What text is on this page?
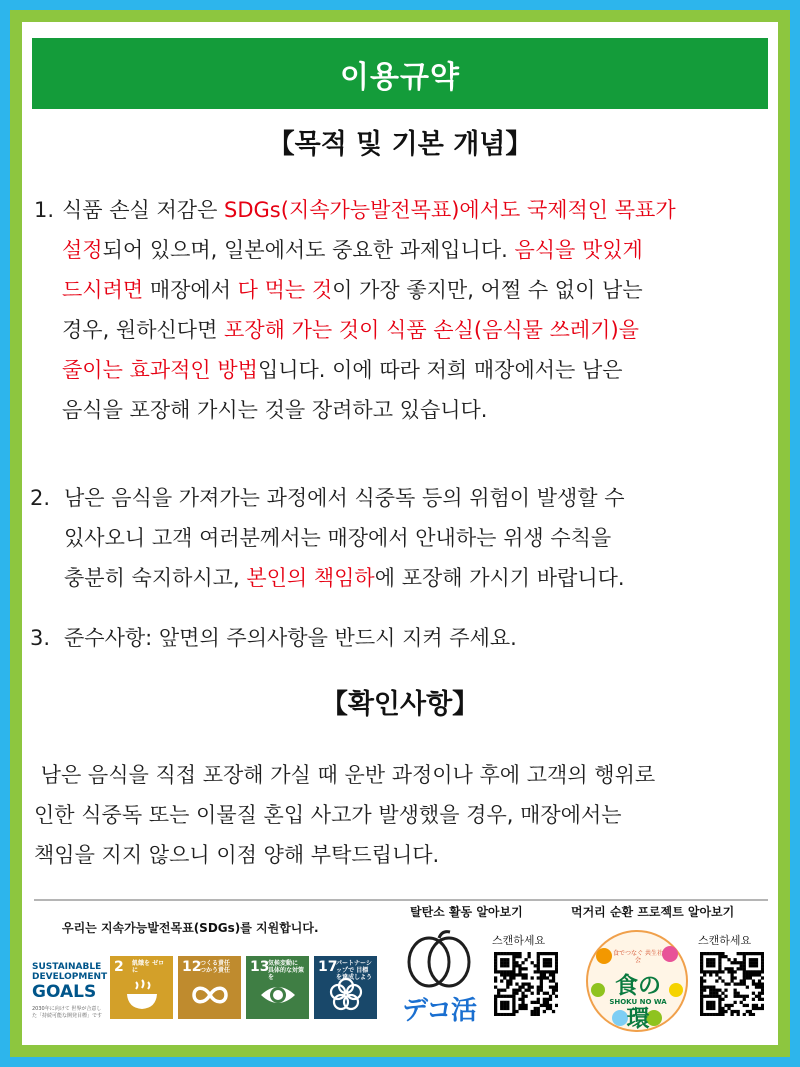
이용규약
【목적 및 기본 개념】
1. 식품 손실 저감은 SDGs(지속가능발전목표)에서도 국제적인 목표가
설정되어 있으며, 일본에서도 중요한 과제입니다. 음식을 맛있게
드시려면 매장에서 다 먹는 것이 가장 좋지만, 어쩔 수 없이 남는
경우, 원하신다면 포장해 가는 것이 식품 손실(음식물 쓰레기)을
줄이는 효과적인 방법입니다. 이에 따라 저희 매장에서는 남은
음식을 포장해 가시는 것을 장려하고 있습니다.
2. 남은 음식을 가져가는 과정에서 식중독 등의 위험이 발생할 수
있사오니 고객 여러분께서는 매장에서 안내하는 위생 수칙을
충분히 숙지하시고, 본인의 책임하에 포장해 가시기 바랍니다.
3. 준수사항: 앞면의 주의사항을 반드시 지켜 주세요.
【확인사항】
남은 음식을 직접 포장해 가실 때 운반 과정이나 후에 고객의 행위로
인한 식중독 또는 이물질 혼입 사고가 발생했을 경우, 매장에서는
책임을 지지 않으니 이점 양해 부탁드립니다.
우리는 지속가능발전목표(SDGs)를 지원합니다.
SUSTAINABLE
DEVELOPMENT
GOALS
2030年に向けて 世界が合意した「持続可能な開発目標」です
2 飢餓を ゼロに	12
つくる責任 つかう責任	13
気候変動に 具体的な対策を
17
パートナーシップで 目標を達成しよう
탈탄소 활동 알아보기
스캔하세요
デコ活
먹거리 순환 프로젝트 알아보기
스캔하세요
食でつなぐ 共生社会
食の環
SHOKU NO WA
